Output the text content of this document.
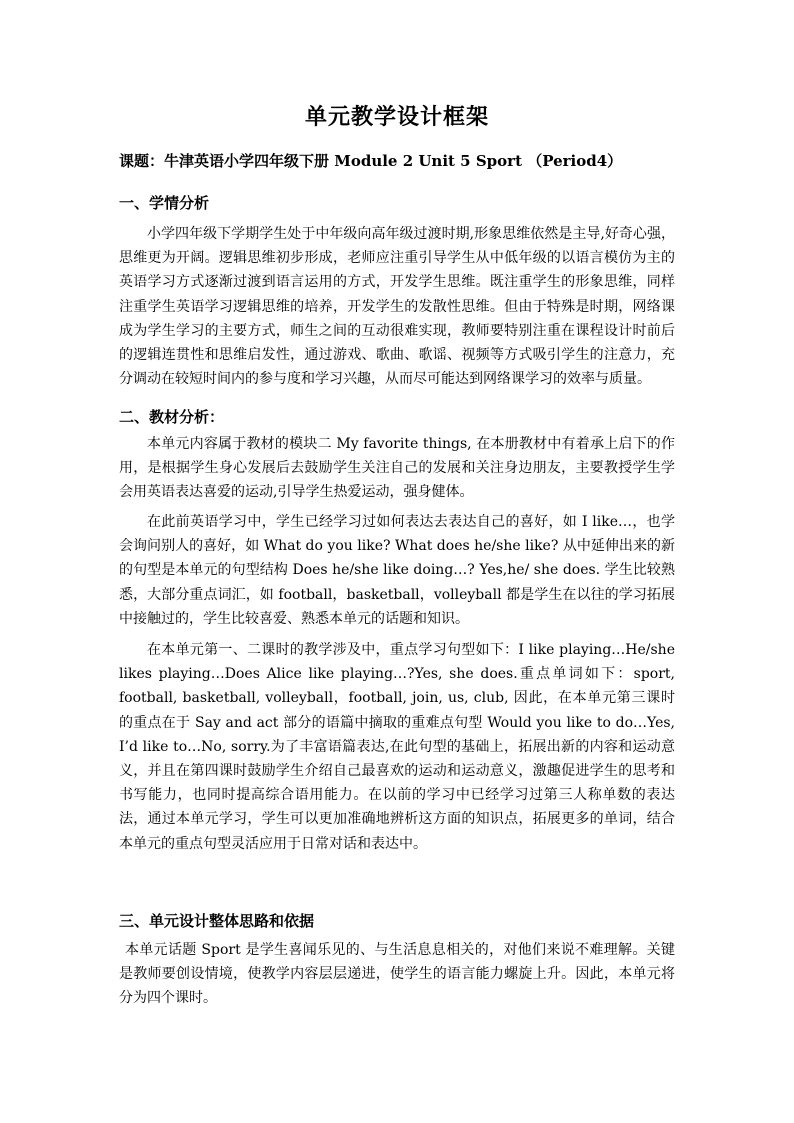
单元教学设计框架
课题：牛津英语小学四年级下册 Module 2 Unit 5 Sport （Period4）
一、学情分析

小学四年级下学期学生处于中年级向高年级过渡时期,形象思维依然是主导,好奇心强，思维更为开阔。逻辑思维初步形成，老师应注重引导学生从中低年级的以语言模仿为主的英语学习方式逐渐过渡到语言运用的方式，开发学生思维。既注重学生的形象思维，同样注重学生英语学习逻辑思维的培养，开发学生的发散性思维。但由于特殊是时期，网络课成为学生学习的主要方式，师生之间的互动很难实现，教师要特别注重在课程设计时前后的逻辑连贯性和思维启发性，通过游戏、歌曲、歌谣、视频等方式吸引学生的注意力，充分调动在较短时间内的参与度和学习兴趣，从而尽可能达到网络课学习的效率与质量。

二、教材分析：

本单元内容属于教材的模块二 My favorite things, 在本册教材中有着承上启下的作用，是根据学生身心发展后去鼓励学生关注自己的发展和关注身边朋友，主要教授学生学会用英语表达喜爱的运动,引导学生热爱运动，强身健体。

在此前英语学习中，学生已经学习过如何表达去表达自己的喜好，如 I like…，也学会询问别人的喜好，如 What do you like? What does he/she like? 从中延伸出来的新的句型是本单元的句型结构 Does he/she like doing…? Yes,he/ she does. 学生比较熟悉，大部分重点词汇，如 football，basketball，volleyball 都是学生在以往的学习拓展中接触过的，学生比较喜爱、熟悉本单元的话题和知识。

在本单元第一、二课时的教学涉及中，重点学习句型如下：I like playing…He/she likes playing…Does Alice like playing…?Yes, she does.重点单词如下：sport, football, basketball, volleyball，football, join, us, club, 因此，在本单元第三课时的重点在于 Say and act 部分的语篇中摘取的重难点句型 Would you like to do…Yes, I’d like to…No, sorry.为了丰富语篇表达,在此句型的基础上，拓展出新的内容和运动意义，并且在第四课时鼓励学生介绍自己最喜欢的运动和运动意义，激趣促进学生的思考和书写能力，也同时提高综合语用能力。在以前的学习中已经学习过第三人称单数的表达法，通过本单元学习，学生可以更加准确地辨析这方面的知识点，拓展更多的单词，结合本单元的重点句型灵活应用于日常对话和表达中。

三、单元设计整体思路和依据

本单元话题 Sport 是学生喜闻乐见的、与生活息息相关的，对他们来说不难理解。关键是教师要创设情境，使教学内容层层递进，使学生的语言能力螺旋上升。因此，本单元将分为四个课时。
